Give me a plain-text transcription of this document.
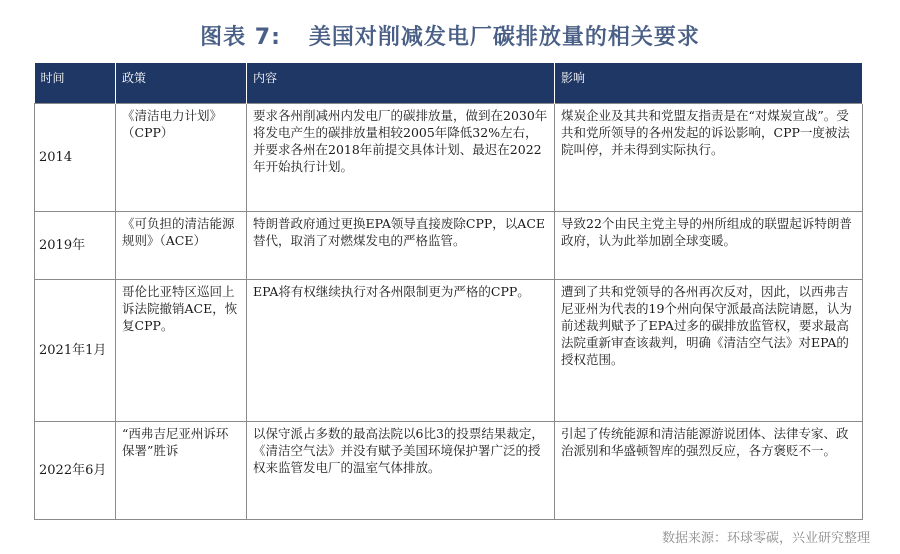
图表 7: 美国对削减发电厂碳排放量的相关要求
时间	政策	内容	影响
2014	《清洁电力计划》（CPP）	要求各州削减州内发电厂的碳排放量，做到在2030年将发电产生的碳排放量相较2005年降低32%左右，并要求各州在2018年前提交具体计划、最迟在2022年开始执行计划。	煤炭企业及其共和党盟友指责是在“对煤炭宣战”。受共和党所领导的各州发起的诉讼影响，CPP一度被法院叫停，并未得到实际执行。
2019年	《可负担的清洁能源规则》（ACE）	特朗普政府通过更换EPA领导直接废除CPP，以ACE替代，取消了对燃煤发电的严格监管。	导致22个由民主党主导的州所组成的联盟起诉特朗普政府，认为此举加剧全球变暖。
2021年1月	哥伦比亚特区巡回上诉法院撤销ACE，恢复CPP。	EPA将有权继续执行对各州限制更为严格的CPP。	遭到了共和党领导的各州再次反对，因此，以西弗吉尼亚州为代表的19个州向保守派最高法院请愿，认为前述裁判赋予了EPA过多的碳排放监管权，要求最高法院重新审查该裁判，明确《清洁空气法》对EPA的授权范围。
2022年6月	“西弗吉尼亚州诉环保署”胜诉	以保守派占多数的最高法院以6比3的投票结果裁定，《清洁空气法》并没有赋予美国环境保护署广泛的授权来监管发电厂的温室气体排放。	引起了传统能源和清洁能源游说团体、法律专家、政治派别和华盛顿智库的强烈反应，各方褒贬不一。
数据来源：环球零碳，兴业研究整理
